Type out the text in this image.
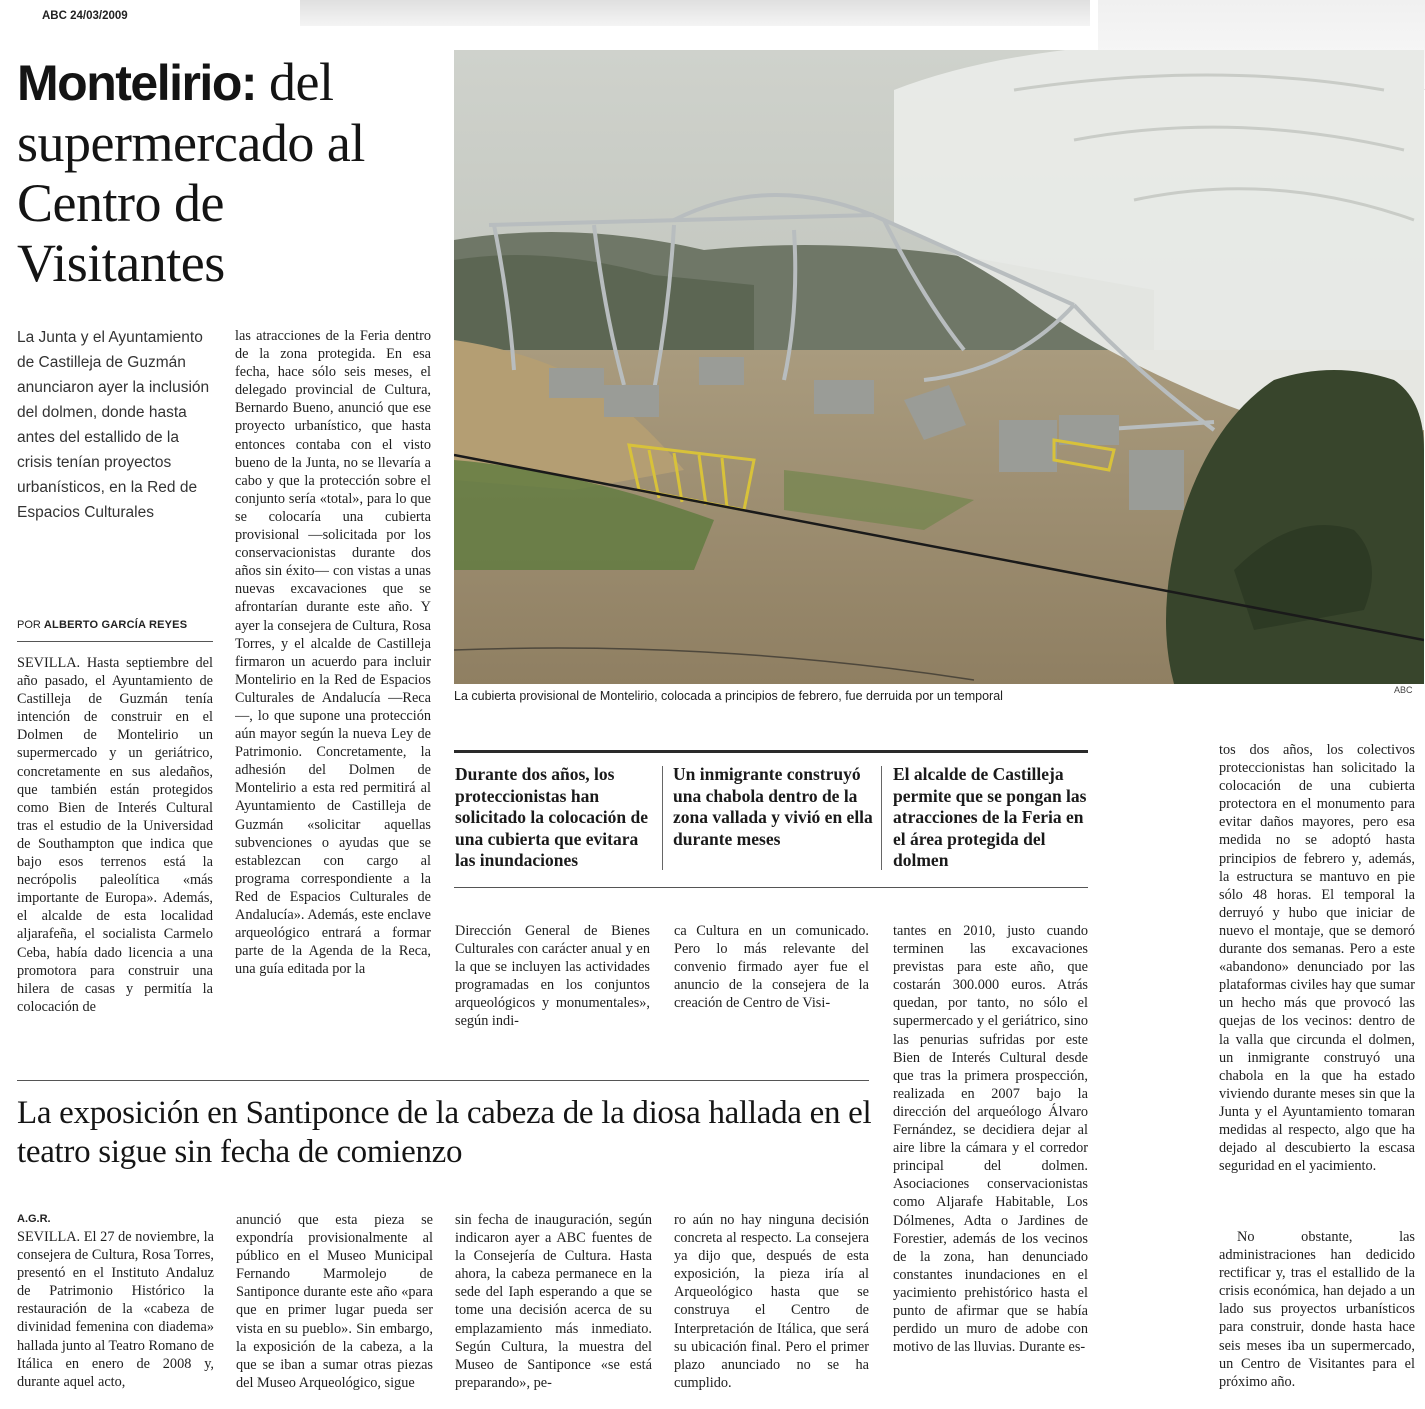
ABC 24/03/2009
Montelirio: del supermercado al Centro de Visitantes
La Junta y el Ayuntamiento de Castilleja de Guzmán anunciaron ayer la inclusión del dolmen, donde hasta antes del estallido de la crisis tenían proyectos urbanísticos, en la Red de Espacios Culturales
POR ALBERTO GARCÍA REYES
SEVILLA. Hasta septiembre del año pasado, el Ayuntamiento de Castilleja de Guzmán tenía intención de construir en el Dolmen de Montelirio un supermercado y un geriátrico, concretamente en sus aledaños, que también están protegidos como Bien de Interés Cultural tras el estudio de la Universidad de Southampton que indica que bajo esos terrenos está la necrópolis paleolítica «más importante de Europa». Además, el alcalde de esta localidad aljarafeña, el socialista Carmelo Ceba, había dado licencia a una promotora para construir una hilera de casas y permitía la colocación de
las atracciones de la Feria dentro de la zona protegida. En esa fecha, hace sólo seis meses, el delegado provincial de Cultura, Bernardo Bueno, anunció que ese proyecto urbanístico, que hasta entonces contaba con el visto bueno de la Junta, no se llevaría a cabo y que la protección sobre el conjunto sería «total», para lo que se colocaría una cubierta provisional —solicitada por los conservacionistas durante dos años sin éxito— con vistas a unas nuevas excavaciones que se afrontarían durante este año. Y ayer la consejera de Cultura, Rosa Torres, y el alcalde de Castilleja firmaron un acuerdo para incluir Montelirio en la Red de Espacios Culturales de Andalucía —Reca—, lo que supone una protección aún mayor según la nueva Ley de Patrimonio. Concretamente, la adhesión del Dolmen de Montelirio a esta red permitirá al Ayuntamiento de Castilleja de Guzmán «solicitar aquellas subvenciones o ayudas que se establezcan con cargo al programa correspondiente a la Red de Espacios Culturales de Andalucía». Además, este enclave arqueológico entrará a formar parte de la Agenda de la Reca, una guía editada por la
La cubierta provisional de Montelirio, colocada a principios de febrero, fue derruida por un temporal	ABC
Durante dos años, los proteccionistas han solicitado la colocación de una cubierta que evitara las inundaciones
Un inmigrante construyó una chabola dentro de la zona vallada y vivió en ella durante meses
El alcalde de Castilleja permite que se pongan las atracciones de la Feria en el área protegida del dolmen
Dirección General de Bienes Culturales con carácter anual y en la que se incluyen las actividades programadas en los conjuntos arqueológicos y monumentales», según indi-
ca Cultura en un comunicado. Pero lo más relevante del convenio firmado ayer fue el anuncio de la consejera de la creación de Centro de Visi-
tantes en 2010, justo cuando terminen las excavaciones previstas para este año, que costarán 300.000 euros. Atrás quedan, por tanto, no sólo el supermercado y el geriátrico, sino las penurias sufridas por este Bien de Interés Cultural desde que tras la primera prospección, realizada en 2007 bajo la dirección del arqueólogo Álvaro Fernández, se decidiera dejar al aire libre la cámara y el corredor principal del dolmen. Asociaciones conservacionistas como Aljarafe Habitable, Los Dólmenes, Adta o Jardines de Forestier, además de los vecinos de la zona, han denunciado constantes inundaciones en el yacimiento prehistórico hasta el punto de afirmar que se había perdido un muro de adobe con motivo de las lluvias. Durante es-
tos dos años, los colectivos proteccionistas han solicitado la colocación de una cubierta protectora en el monumento para evitar daños mayores, pero esa medida no se adoptó hasta principios de febrero y, además, la estructura se mantuvo en pie sólo 48 horas. El temporal la derruyó y hubo que iniciar de nuevo el montaje, que se demoró durante dos semanas. Pero a este «abandono» denunciado por las plataformas civiles hay que sumar un hecho más que provocó las quejas de los vecinos: dentro de la valla que circunda el dolmen, un inmigrante construyó una chabola en la que ha estado viviendo durante meses sin que la Junta y el Ayuntamiento tomaran medidas al respecto, algo que ha dejado al descubierto la escasa seguridad en el yacimiento.
No obstante, las administraciones han dedicido rectificar y, tras el estallido de la crisis económica, han dejado a un lado sus proyectos urbanísticos para construir, donde hasta hace seis meses iba un supermercado, un Centro de Visitantes para el próximo año.
La exposición en Santiponce de la cabeza de la diosa hallada en el teatro sigue sin fecha de comienzo
A.G.R.
SEVILLA. El 27 de noviembre, la consejera de Cultura, Rosa Torres, presentó en el Instituto Andaluz de Patrimonio Histórico la restauración de la «cabeza de divinidad femenina con diadema» hallada junto al Teatro Romano de Itálica en enero de 2008 y, durante aquel acto,
anunció que esta pieza se expondría provisionalmente al público en el Museo Municipal Fernando Marmolejo de Santiponce durante este año «para que en primer lugar pueda ser vista en su pueblo». Sin embargo, la exposición de la cabeza, a la que se iban a sumar otras piezas del Museo Arqueológico, sigue
sin fecha de inauguración, según indicaron ayer a ABC fuentes de la Consejería de Cultura. Hasta ahora, la cabeza permanece en la sede del Iaph esperando a que se tome una decisión acerca de su emplazamiento más inmediato. Según Cultura, la muestra del Museo de Santiponce «se está preparando», pe-
ro aún no hay ninguna decisión concreta al respecto. La consejera ya dijo que, después de esta exposición, la pieza iría al Arqueológico hasta que se construya el Centro de Interpretación de Itálica, que será su ubicación final. Pero el primer plazo anunciado no se ha cumplido.
